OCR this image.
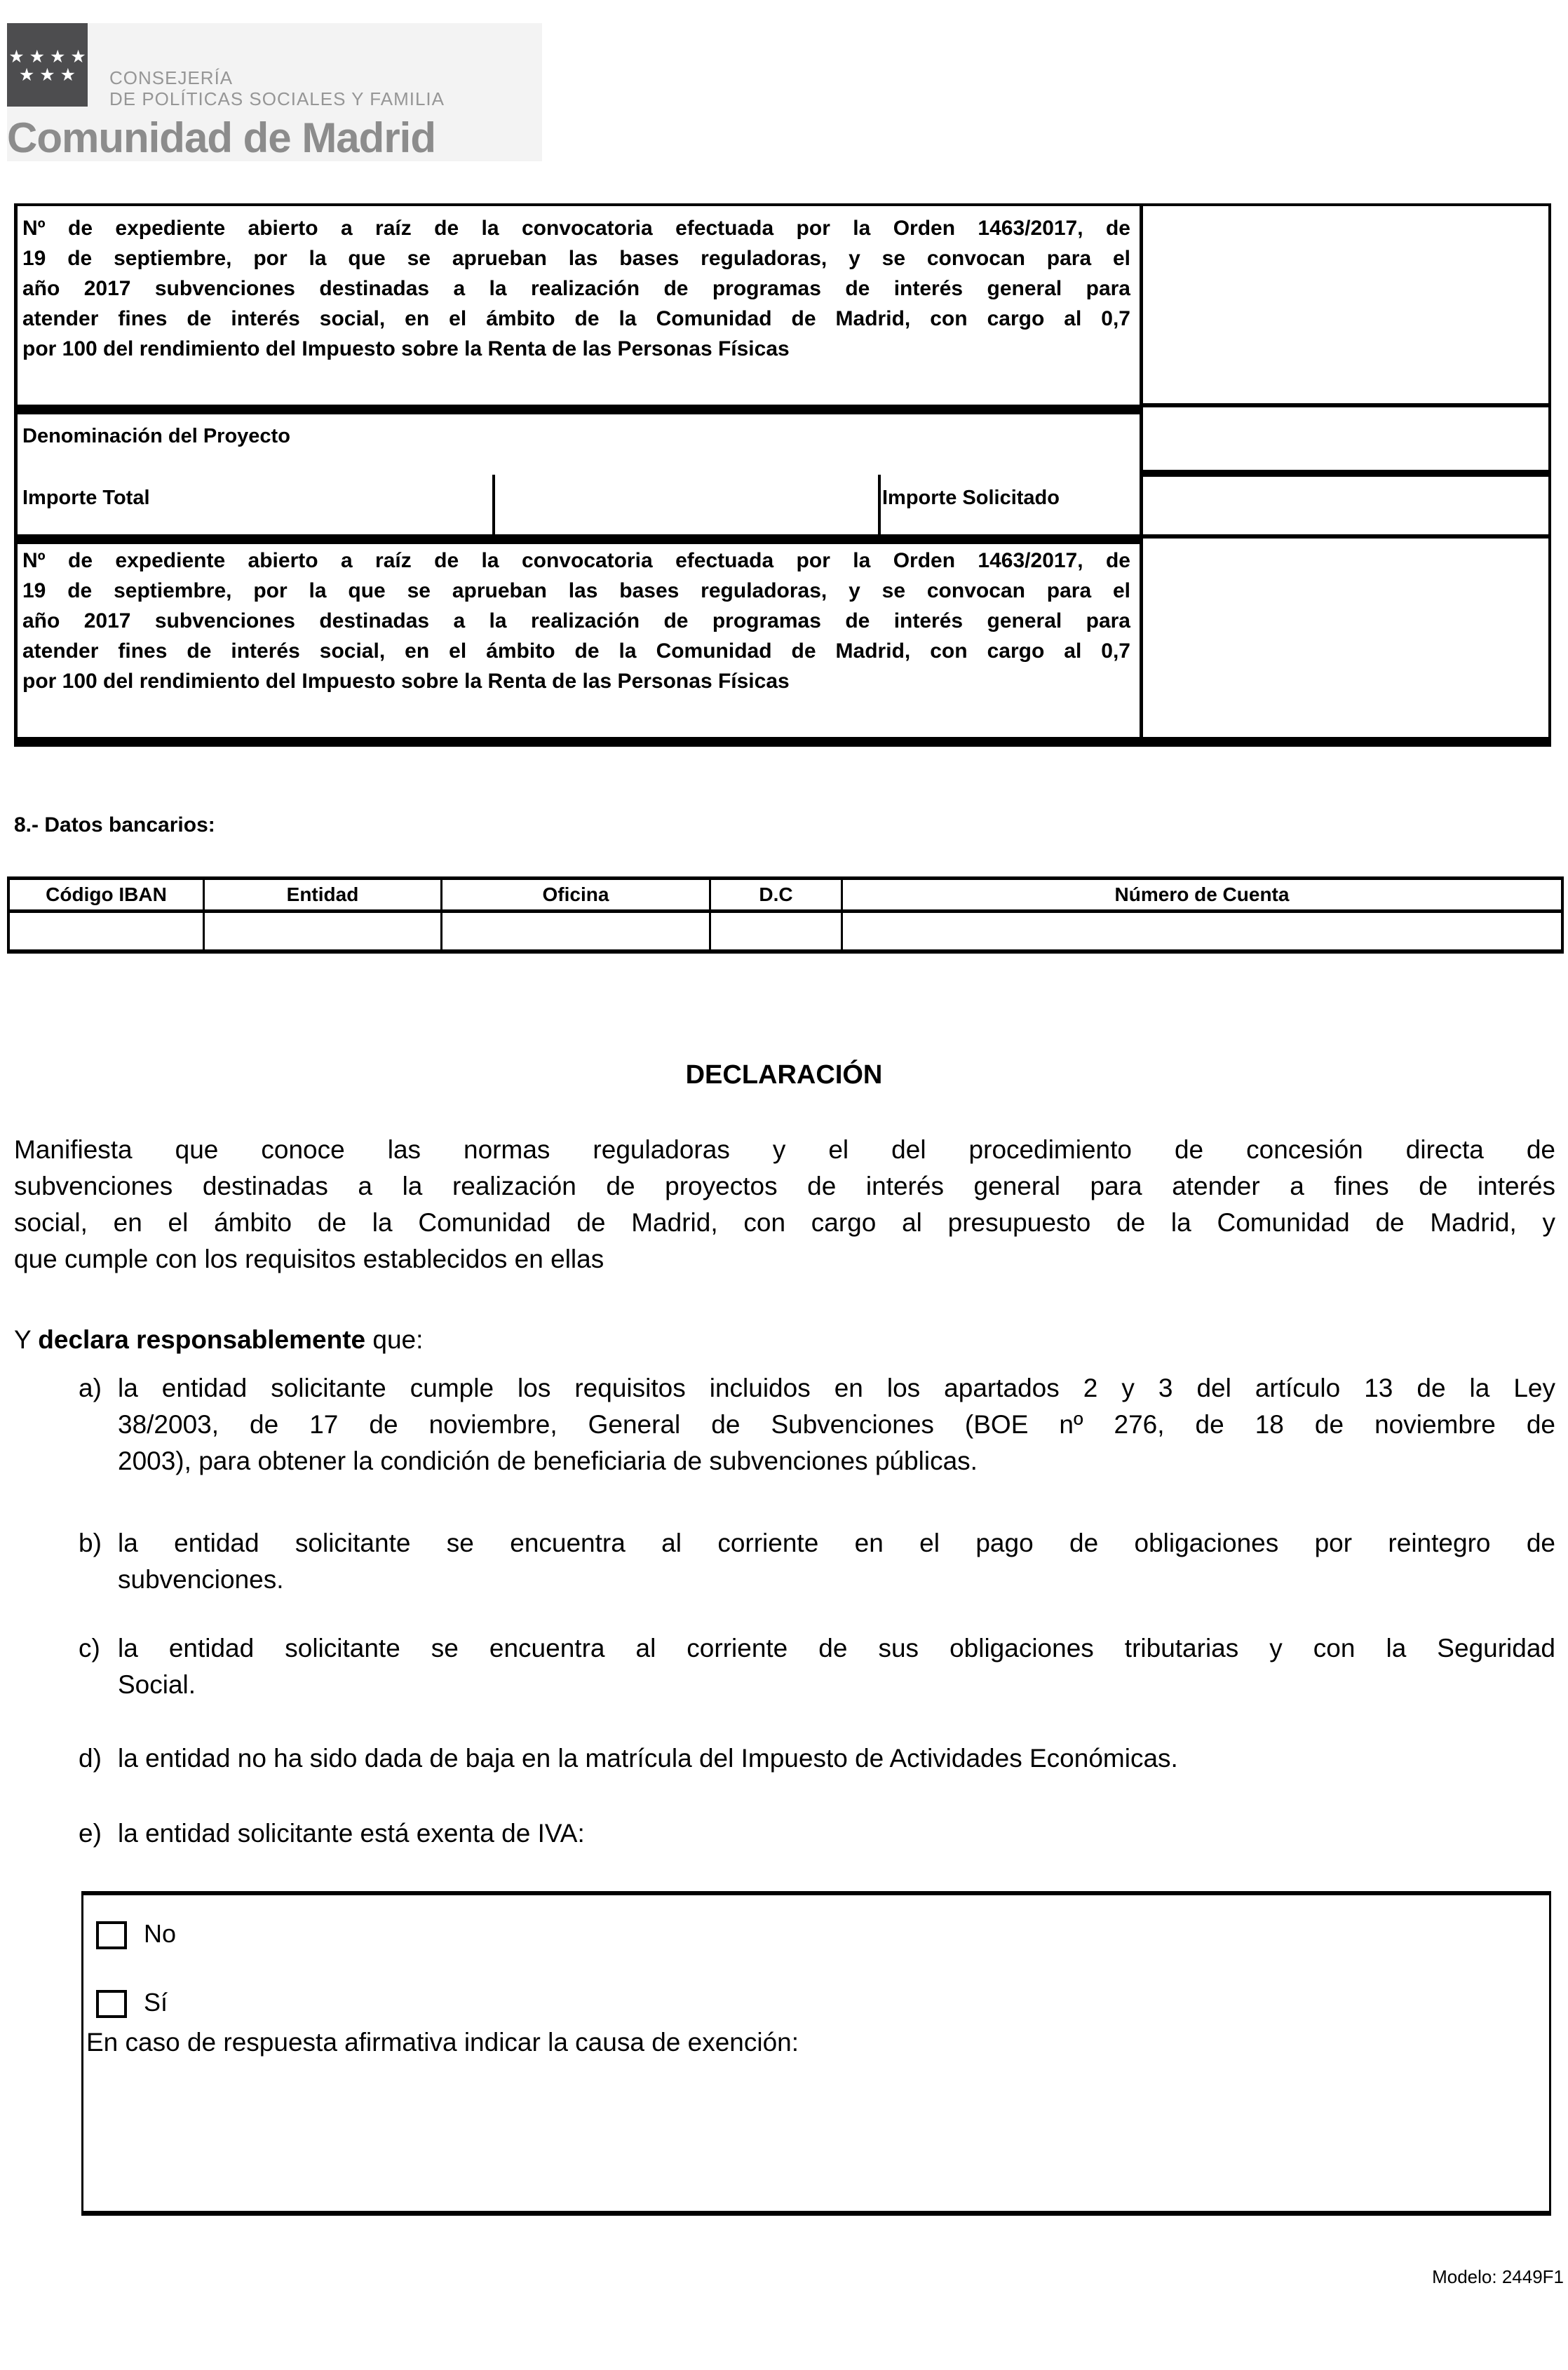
★ ★ ★ ★
★ ★ ★	CONSEJERÍA
DE POLÍTICAS SOCIALES Y FAMILIA
Comunidad de Madrid
Nº de expediente abierto a raíz de la convocatoria efectuada por la Orden 1463/2017, de
19 de septiembre, por la que se aprueban las bases reguladoras, y se convocan para el
año 2017 subvenciones destinadas a la realización de programas de interés general para
atender fines de interés social, en el ámbito de la Comunidad de Madrid, con cargo al 0,7
por 100 del rendimiento del Impuesto sobre la Renta de las Personas Físicas
Denominación del Proyecto
Importe Total	Importe Solicitado
Nº de expediente abierto a raíz de la convocatoria efectuada por la Orden 1463/2017, de
19 de septiembre, por la que se aprueban las bases reguladoras, y se convocan para el
año 2017 subvenciones destinadas a la realización de programas de interés general para
atender fines de interés social, en el ámbito de la Comunidad de Madrid, con cargo al 0,7
por 100 del rendimiento del Impuesto sobre la Renta de las Personas Físicas
8.- Datos bancarios:
Código IBAN	Entidad	Oficina	D.C	Número de Cuenta
DECLARACIÓN
Manifiesta que conoce las normas reguladoras y el del procedimiento de concesión directa de
subvenciones destinadas a la realización de proyectos de interés general para atender a fines de interés
social, en el ámbito de la Comunidad de Madrid, con cargo al presupuesto de la Comunidad de Madrid, y
que cumple con los requisitos establecidos en ellas
Y declara responsablemente que:
a) la entidad solicitante cumple los requisitos incluidos en los apartados 2 y 3 del artículo 13 de la Ley
38/2003, de 17 de noviembre, General de Subvenciones (BOE nº 276, de 18 de noviembre de
2003), para obtener la condición de beneficiaria de subvenciones públicas.
b) la entidad solicitante se encuentra al corriente en el pago de obligaciones por reintegro de
subvenciones.
c) la entidad solicitante se encuentra al corriente de sus obligaciones tributarias y con la Seguridad
Social.
d) la entidad no ha sido dada de baja en la matrícula del Impuesto de Actividades Económicas.
e) la entidad solicitante está exenta de IVA:
No
Sí
En caso de respuesta afirmativa indicar la causa de exención:
Modelo: 2449F1
